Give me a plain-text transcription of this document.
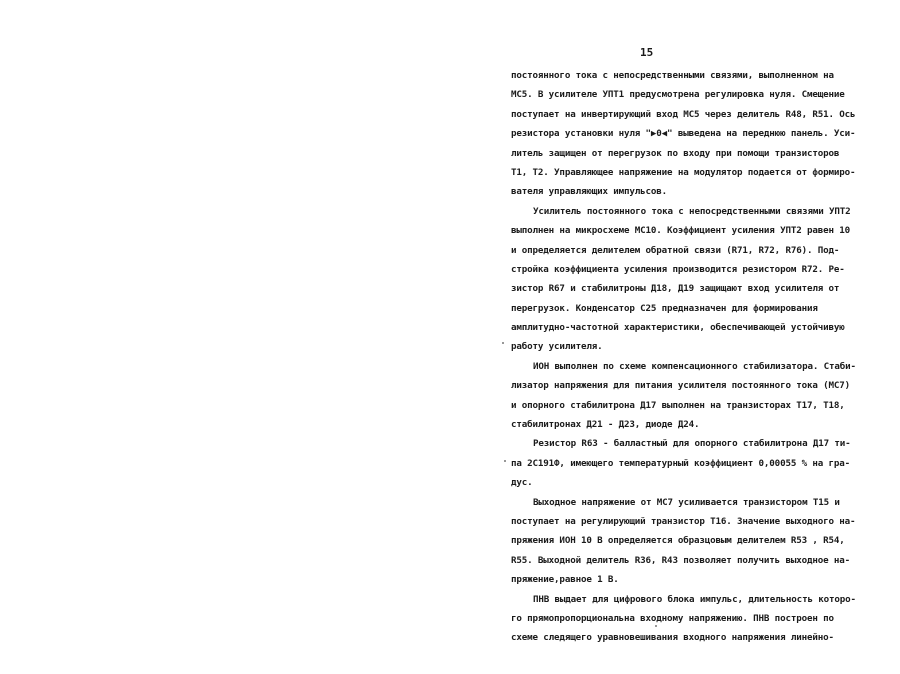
15
постоянного тока с непосредственными связями, выполненном на
МС5. В усилителе УПТ1 предусмотрена регулировка нуля. Смещение
поступает на инвертирующий вход МС5 через делитель R48, R51. Ось
резистора установки нуля "▶0◀" выведена на переднюю панель. Уси-
литель защищен от перегрузок по входу при помощи транзисторов
Т1, Т2. Управляющее напряжение на модулятор подается от формиро-
вателя управляющих импульсов.
Усилитель постоянного тока с непосредственными связями УПТ2
выполнен на микросхеме МС10. Коэффициент усиления УПТ2 равен 10
и определяется делителем обратной связи (R71, R72, R76). Под-
стройка коэффициента усиления производится резистором R72. Ре-
зистор R67 и стабилитроны Д18, Д19 защищают вход усилителя от
перегрузок. Конденсатор С25 предназначен для формирования
амплитудно-частотной характеристики, обеспечивающей устойчивую
работу усилителя.
ИОН выполнен по схеме компенсационного стабилизатора. Стаби-
лизатор напряжения для питания усилителя постоянного тока (МС7)
и опорного стабилитрона Д17 выполнен на транзисторах Т17, Т18,
стабилитронах Д21 - Д23, диоде Д24.
Резистор R63 - балластный для опорного стабилитрона Д17 ти-
па 2С191Ф, имеющего температурный коэффициент 0,00055 % на гра-
дус.
Выходное напряжение от МС7 усиливается транзистором Т15 и
поступает на регулирующий транзистор Т16. Значение выходного на-
пряжения ИОН 10 В определяется образцовым делителем R53 , R54,
R55. Выходной делитель R36, R43 позволяет получить выходное на-
пряжение,равное 1 В.
ПНВ выдает для цифрового блока импульс, длительность которо-
го прямопропорциональна входному напряжению. ПНВ построен по
схеме следящего уравновешивания входного напряжения линейно-
